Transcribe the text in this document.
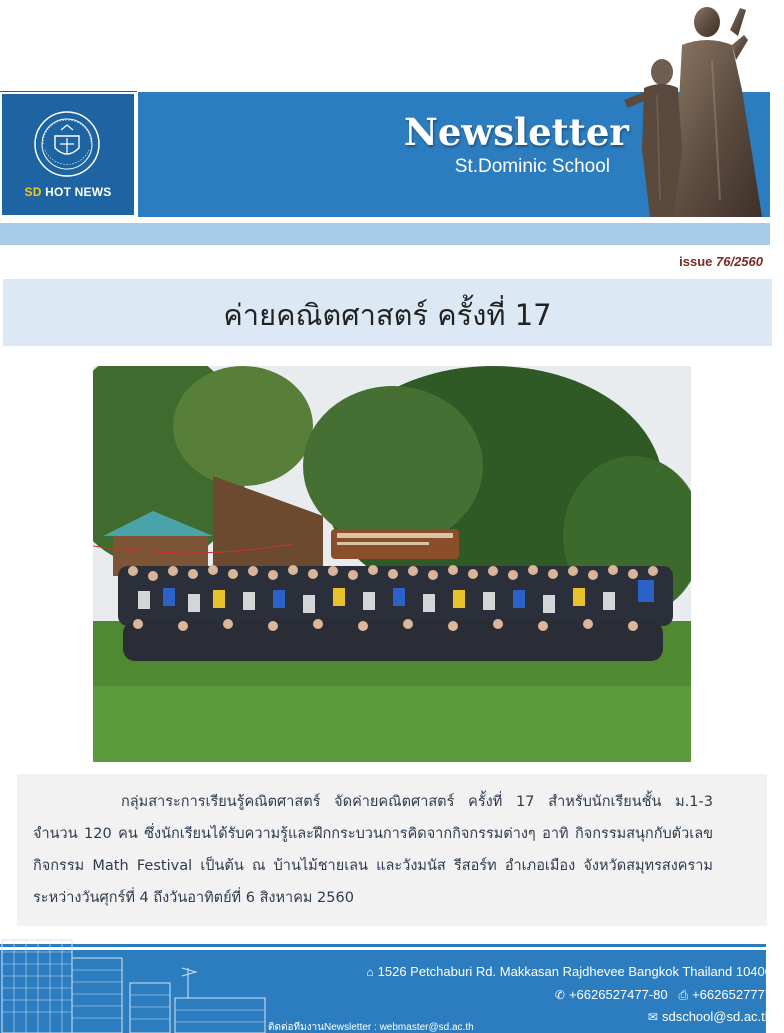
SD HOT NEWS
Newsletter
St.Dominic School
issue 76/2560
ค่ายคณิตศาสตร์ ครั้งที่ 17

กลุ่มสาระการเรียนรู้คณิตศาสตร์ จัดค่ายคณิตศาสตร์ ครั้งที่ 17 สำหรับนักเรียนชั้น ม.1-3 จำนวน 120 คน ซึ่งนักเรียนได้รับความรู้และฝึกกระบวนการคิดจากกิจกรรมต่างๆ อาทิ กิจกรรมสนุกกับตัวเลข กิจกรรม Math Festival เป็นต้น ณ บ้านไม้ชายเลน และวังมนัส รีสอร์ท อำเภอเมือง จังหวัดสมุทรสงคราม ระหว่างวันศุกร์ที่ 4 ถึงวันอาทิตย์ที่ 6 สิงหาคม 2560

⌂ 1526 Petchaburi Rd. Makkasan Rajdhevee Bangkok Thailand 10400
✆ +6626527477-80 ⎙ +6626527777
✉ sdschool@sd.ac.th
ติดต่อทีมงานNewsletter : webmaster@sd.ac.th
